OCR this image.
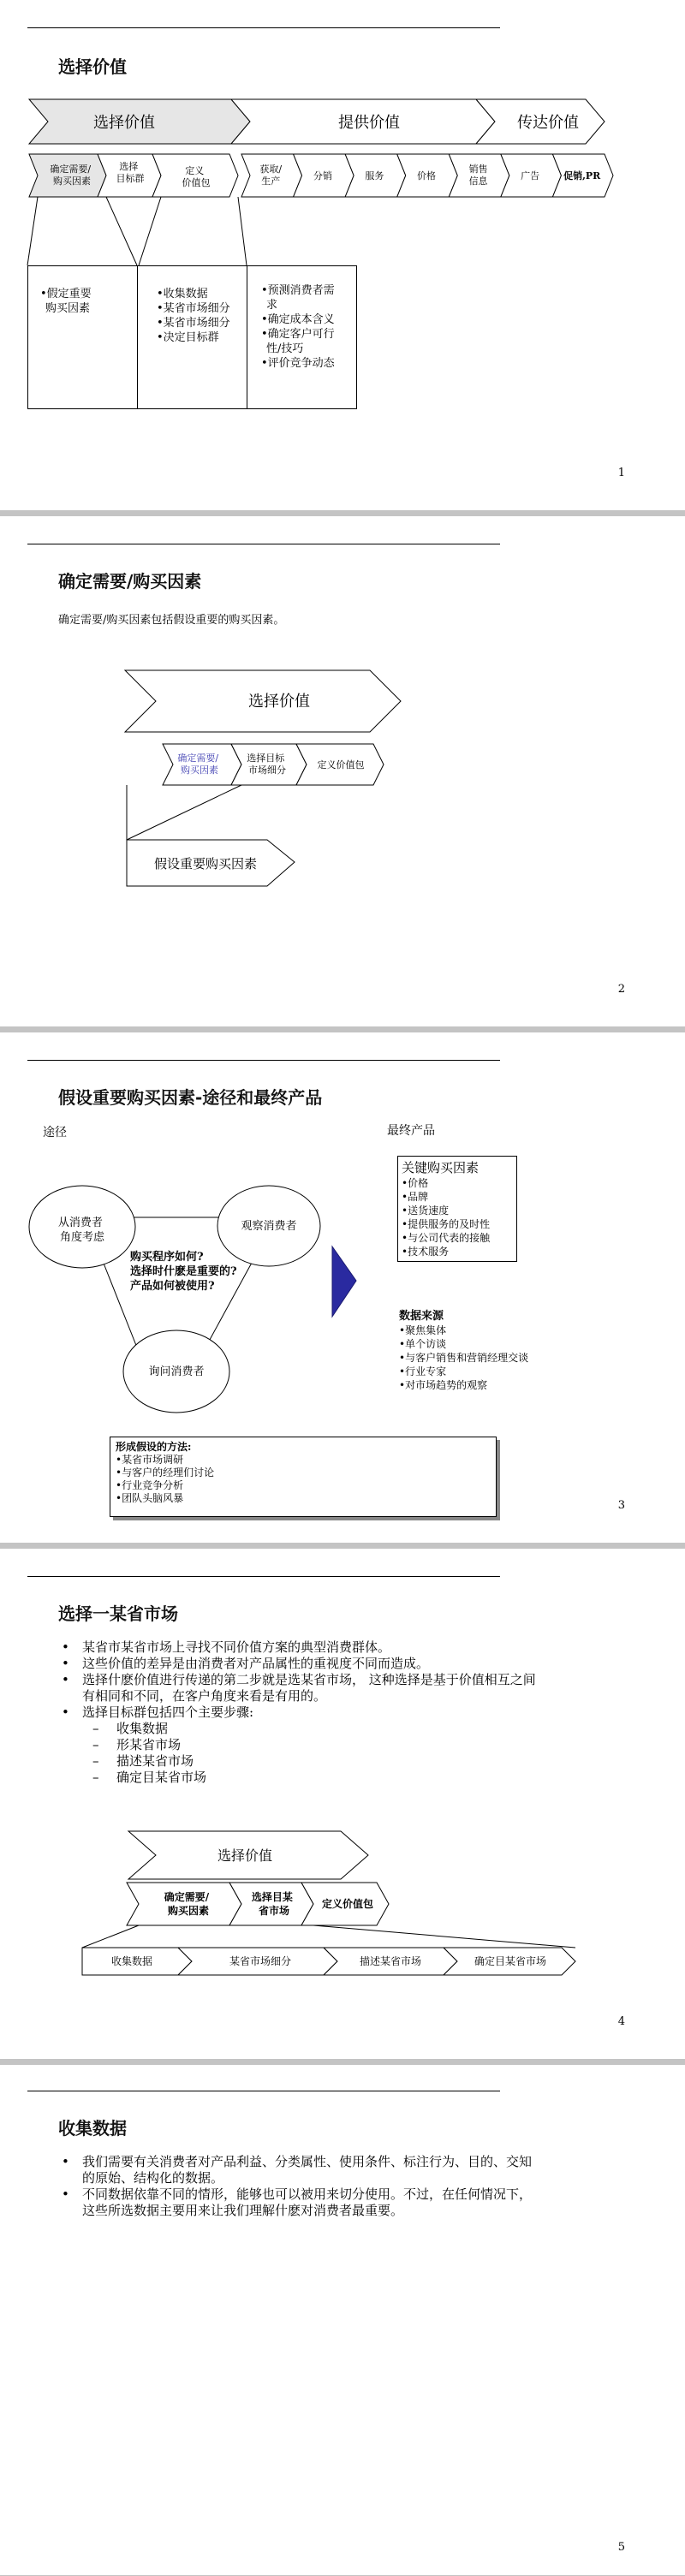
选择价值
选择价值	提供价值	传达价值
确定需要/ 购买因素
选择 目标群
定义 价值包
获取/生产	分销	服务	价格
销售信息	广告	促销,PR
•假定重要
购买因素
•收集数据
•某省市场细分
•某省市场细分
•决定目标群
•预测消费者需
求
•确定成本含义
•确定客户可行
性/技巧
•评价竞争动态
1
确定需要/购买因素
确定需要/购买因素包括假设重要的购买因素。
选择价值
确定需要/ 购买因素
选择目标 市场细分	定义价值包
假设重要购买因素
2
假设重要购买因素-途径和最终产品
途径	最终产品
从消费者 角度考虑
观察消费者
询问消费者
购买程序如何? 选择时什麽是重要的? 产品如何被使用?
关键购买因素
•价格
•品牌
•送货速度
•提供服务的及时性
•与公司代表的接触
•技术服务
数据来源
•聚焦集体
•单个访谈
•与客户销售和营销经理交谈
•行业专家
•对市场趋势的观察
形成假设的方法:
•某省市场调研
•与客户的经理们讨论
•行业竞争分析
•团队头脑风暴
3
选择一某省市场
• 某省市某省市场上寻找不同价值方案的典型消费群体。
• 这些价值的差异是由消费者对产品属性的重视度不同而造成。
• 选择什麽价值进行传递的第二步就是选某省市场， 这种选择是基于价值相互之间
有相同和不同，在客户角度来看是有用的。
• 选择目标群包括四个主要步骤:
– 收集数据
– 形某省市场
– 描述某省市场
– 确定目某省市场
选择价值
确定需要/ 购买因素
选择目某 省市场
定义价值包
收集数据	某省市场细分	描述某省市场	确定目某省市场
4
收集数据
• 我们需要有关消费者对产品利益、分类属性、使用条件、标注行为、目的、交知
的原始、结构化的数据。
• 不同数据依靠不同的情形，能够也可以被用来切分使用。不过，在任何情况下，
这些所选数据主要用来让我们理解什麽对消费者最重要。
5
